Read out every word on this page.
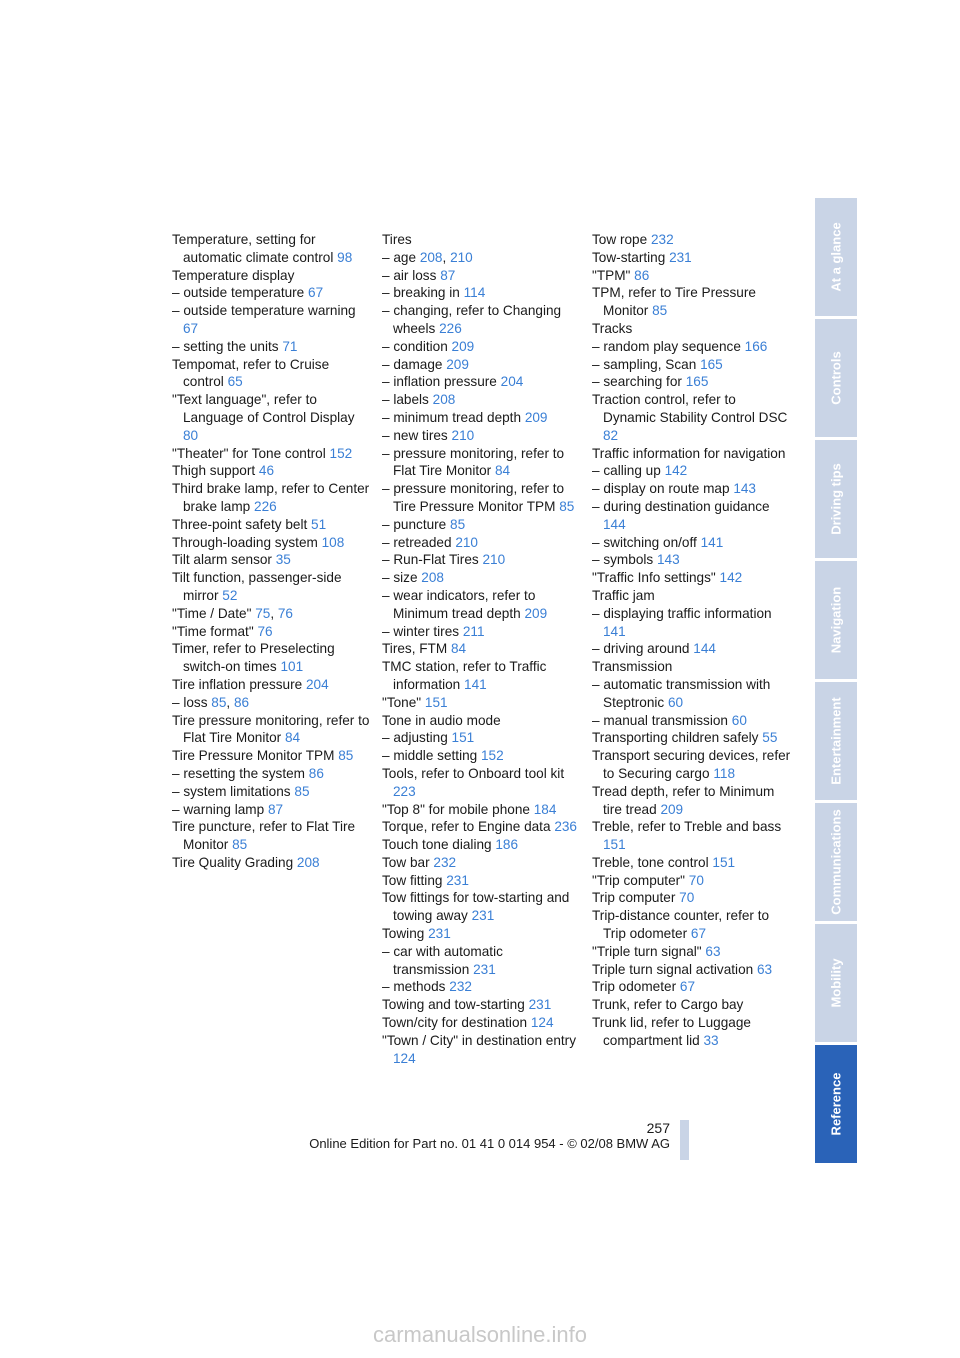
Temperature, setting for automatic climate control 98
Temperature display
– outside temperature 67
– outside temperature warning 67
– setting the units 71
Tempomat, refer to Cruise control 65
"Text language", refer to Language of Control Display 80
"Theater" for Tone control 152
Thigh support 46
Third brake lamp, refer to Center brake lamp 226
Three-point safety belt 51
Through-loading system 108
Tilt alarm sensor 35
Tilt function, passenger-side mirror 52
"Time / Date" 75, 76
"Time format" 76
Timer, refer to Preselecting switch-on times 101
Tire inflation pressure 204
– loss 85, 86
Tire pressure monitoring, refer to Flat Tire Monitor 84
Tire Pressure Monitor TPM 85
– resetting the system 86
– system limitations 85
– warning lamp 87
Tire puncture, refer to Flat Tire Monitor 85
Tire Quality Grading 208
Tires
– age 208, 210
– air loss 87
– breaking in 114
– changing, refer to Changing wheels 226
– condition 209
– damage 209
– inflation pressure 204
– labels 208
– minimum tread depth 209
– new tires 210
– pressure monitoring, refer to Flat Tire Monitor 84
– pressure monitoring, refer to Tire Pressure Monitor TPM 85
– puncture 85
– retreaded 210
– Run-Flat Tires 210
– size 208
– wear indicators, refer to Minimum tread depth 209
– winter tires 211
Tires, FTM 84
TMC station, refer to Traffic information 141
"Tone" 151
Tone in audio mode
– adjusting 151
– middle setting 152
Tools, refer to Onboard tool kit 223
"Top 8" for mobile phone 184
Torque, refer to Engine data 236
Touch tone dialing 186
Tow bar 232
Tow fitting 231
Tow fittings for tow-starting and towing away 231
Towing 231
– car with automatic transmission 231
– methods 232
Towing and tow-starting 231
Town/city for destination 124
"Town / City" in destination entry 124
Tow rope 232
Tow-starting 231
"TPM" 86
TPM, refer to Tire Pressure Monitor 85
Tracks
– random play sequence 166
– sampling, Scan 165
– searching for 165
Traction control, refer to Dynamic Stability Control DSC 82
Traffic information for navigation
– calling up 142
– display on route map 143
– during destination guidance 144
– switching on/off 141
– symbols 143
"Traffic Info settings" 142
Traffic jam
– displaying traffic information 141
– driving around 144
Transmission
– automatic transmission with Steptronic 60
– manual transmission 60
Transporting children safely 55
Transport securing devices, refer to Securing cargo 118
Tread depth, refer to Minimum tire tread 209
Treble, refer to Treble and bass 151
Treble, tone control 151
"Trip computer" 70
Trip computer 70
Trip-distance counter, refer to Trip odometer 67
"Triple turn signal" 63
Triple turn signal activation 63
Trip odometer 67
Trunk, refer to Cargo bay
Trunk lid, refer to Luggage compartment lid 33
At a glance
Controls
Driving tips
Navigation
Entertainment
Communications
Mobility
Reference
257
Online Edition for Part no. 01 41 0 014 954 - © 02/08 BMW AG
carmanualsonline.info
